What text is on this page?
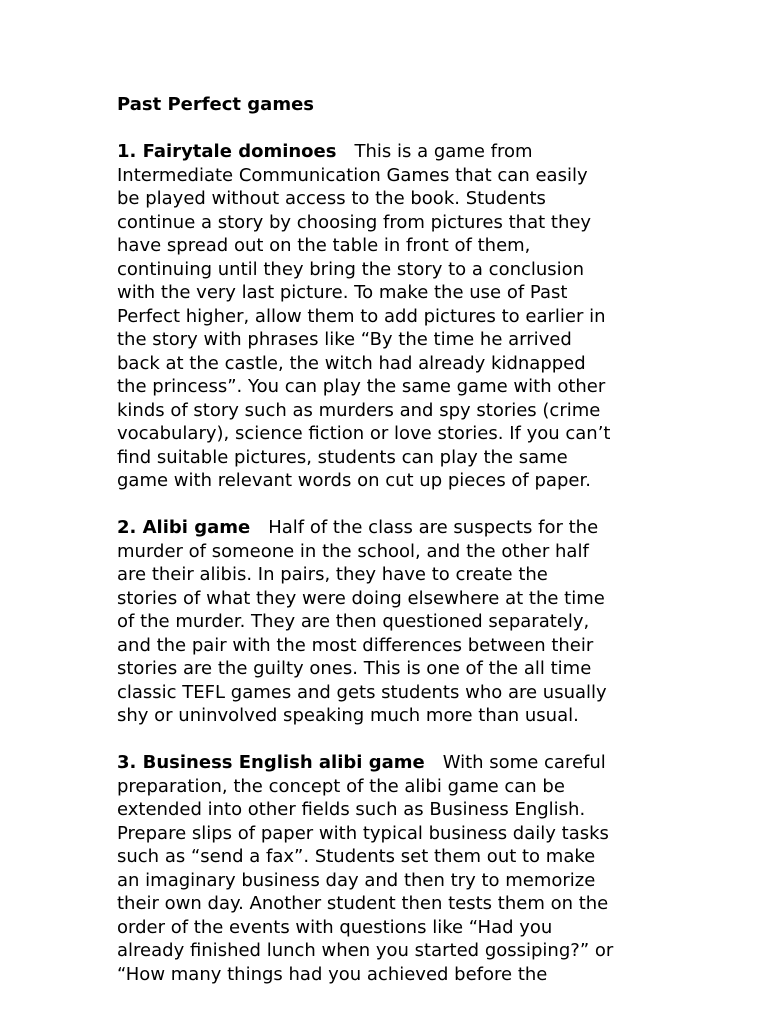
Past Perfect games
1. Fairytale dominoes This is a game from
Intermediate Communication Games that can easily
be played without access to the book. Students
continue a story by choosing from pictures that they
have spread out on the table in front of them,
continuing until they bring the story to a conclusion
with the very last picture. To make the use of Past
Perfect higher, allow them to add pictures to earlier in
the story with phrases like “By the time he arrived
back at the castle, the witch had already kidnapped
the princess”. You can play the same game with other
kinds of story such as murders and spy stories (crime
vocabulary), science fiction or love stories. If you can’t
find suitable pictures, students can play the same
game with relevant words on cut up pieces of paper.
2. Alibi game Half of the class are suspects for the
murder of someone in the school, and the other half
are their alibis. In pairs, they have to create the
stories of what they were doing elsewhere at the time
of the murder. They are then questioned separately,
and the pair with the most differences between their
stories are the guilty ones. This is one of the all time
classic TEFL games and gets students who are usually
shy or uninvolved speaking much more than usual.
3. Business English alibi game With some careful
preparation, the concept of the alibi game can be
extended into other fields such as Business English.
Prepare slips of paper with typical business daily tasks
such as “send a fax”. Students set them out to make
an imaginary business day and then try to memorize
their own day. Another student then tests them on the
order of the events with questions like “Had you
already finished lunch when you started gossiping?” or
“How many things had you achieved before the
